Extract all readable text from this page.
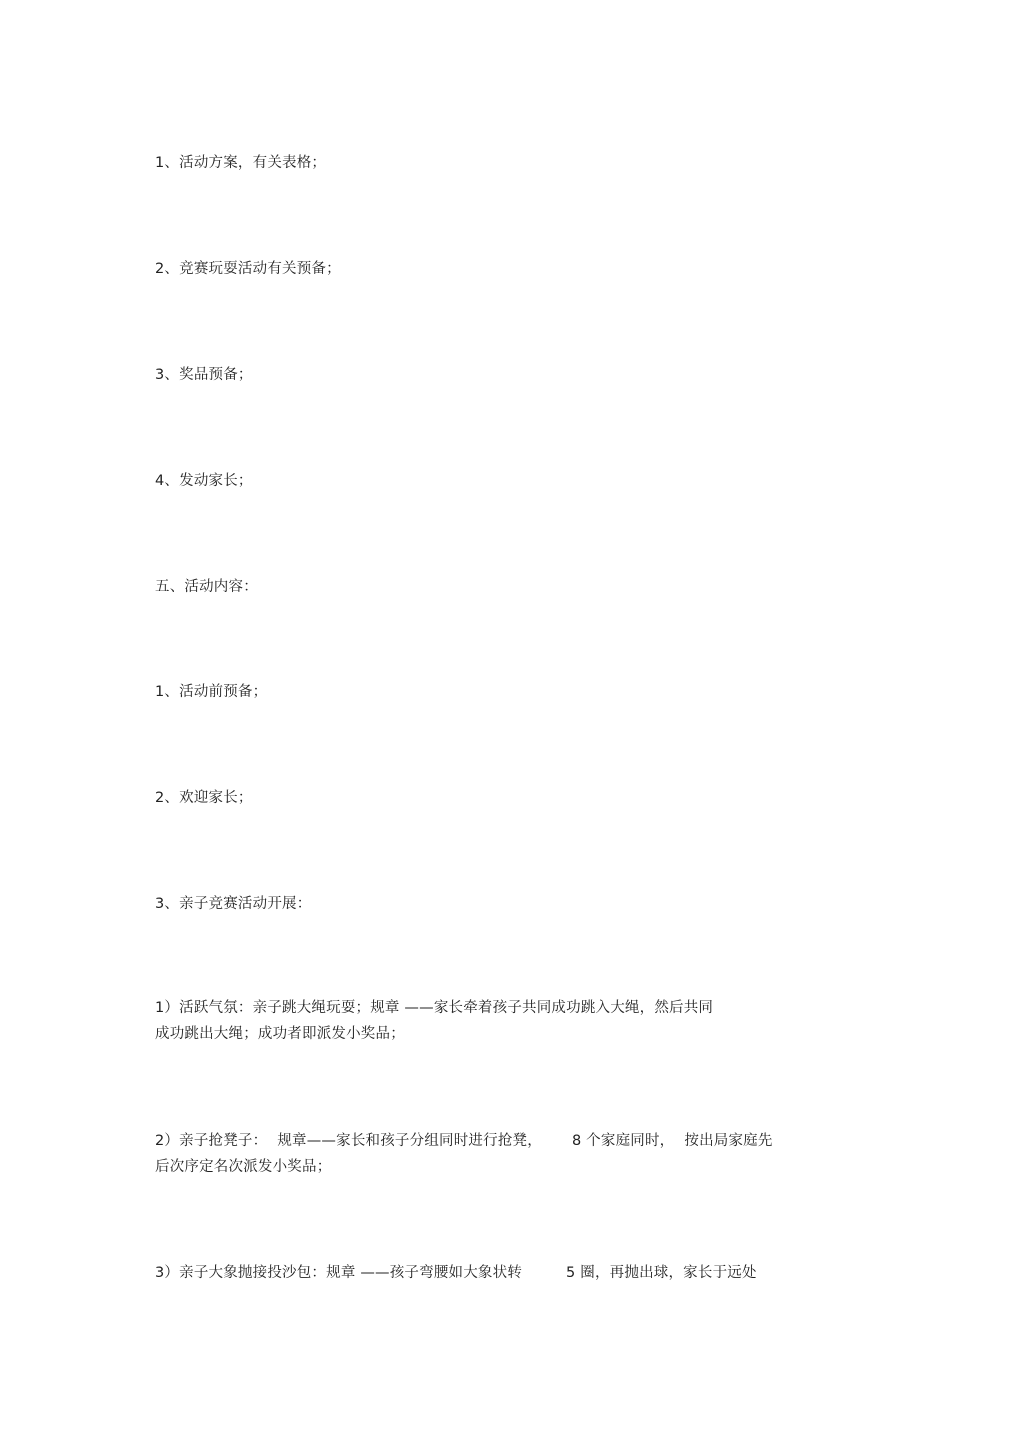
1、活动方案，有关表格；
2、竞赛玩耍活动有关预备；
3、奖品预备；
4、发动家长；
五、活动内容：
1、活动前预备；
2、欢迎家长；
3、亲子竞赛活动开展：
1）活跃气氛：亲子跳大绳玩耍；规章 ——家长牵着孩子共同成功跳入大绳，然后共同
成功跳出大绳；成功者即派发小奖品；
2）亲子抢凳子： 规章——家长和孩子分组同时进行抢凳， 8 个家庭同时， 按出局家庭先
后次序定名次派发小奖品；
3）亲子大象抛接投沙包：规章 ——孩子弯腰如大象状转	5 圈，再抛出球，家长于远处
